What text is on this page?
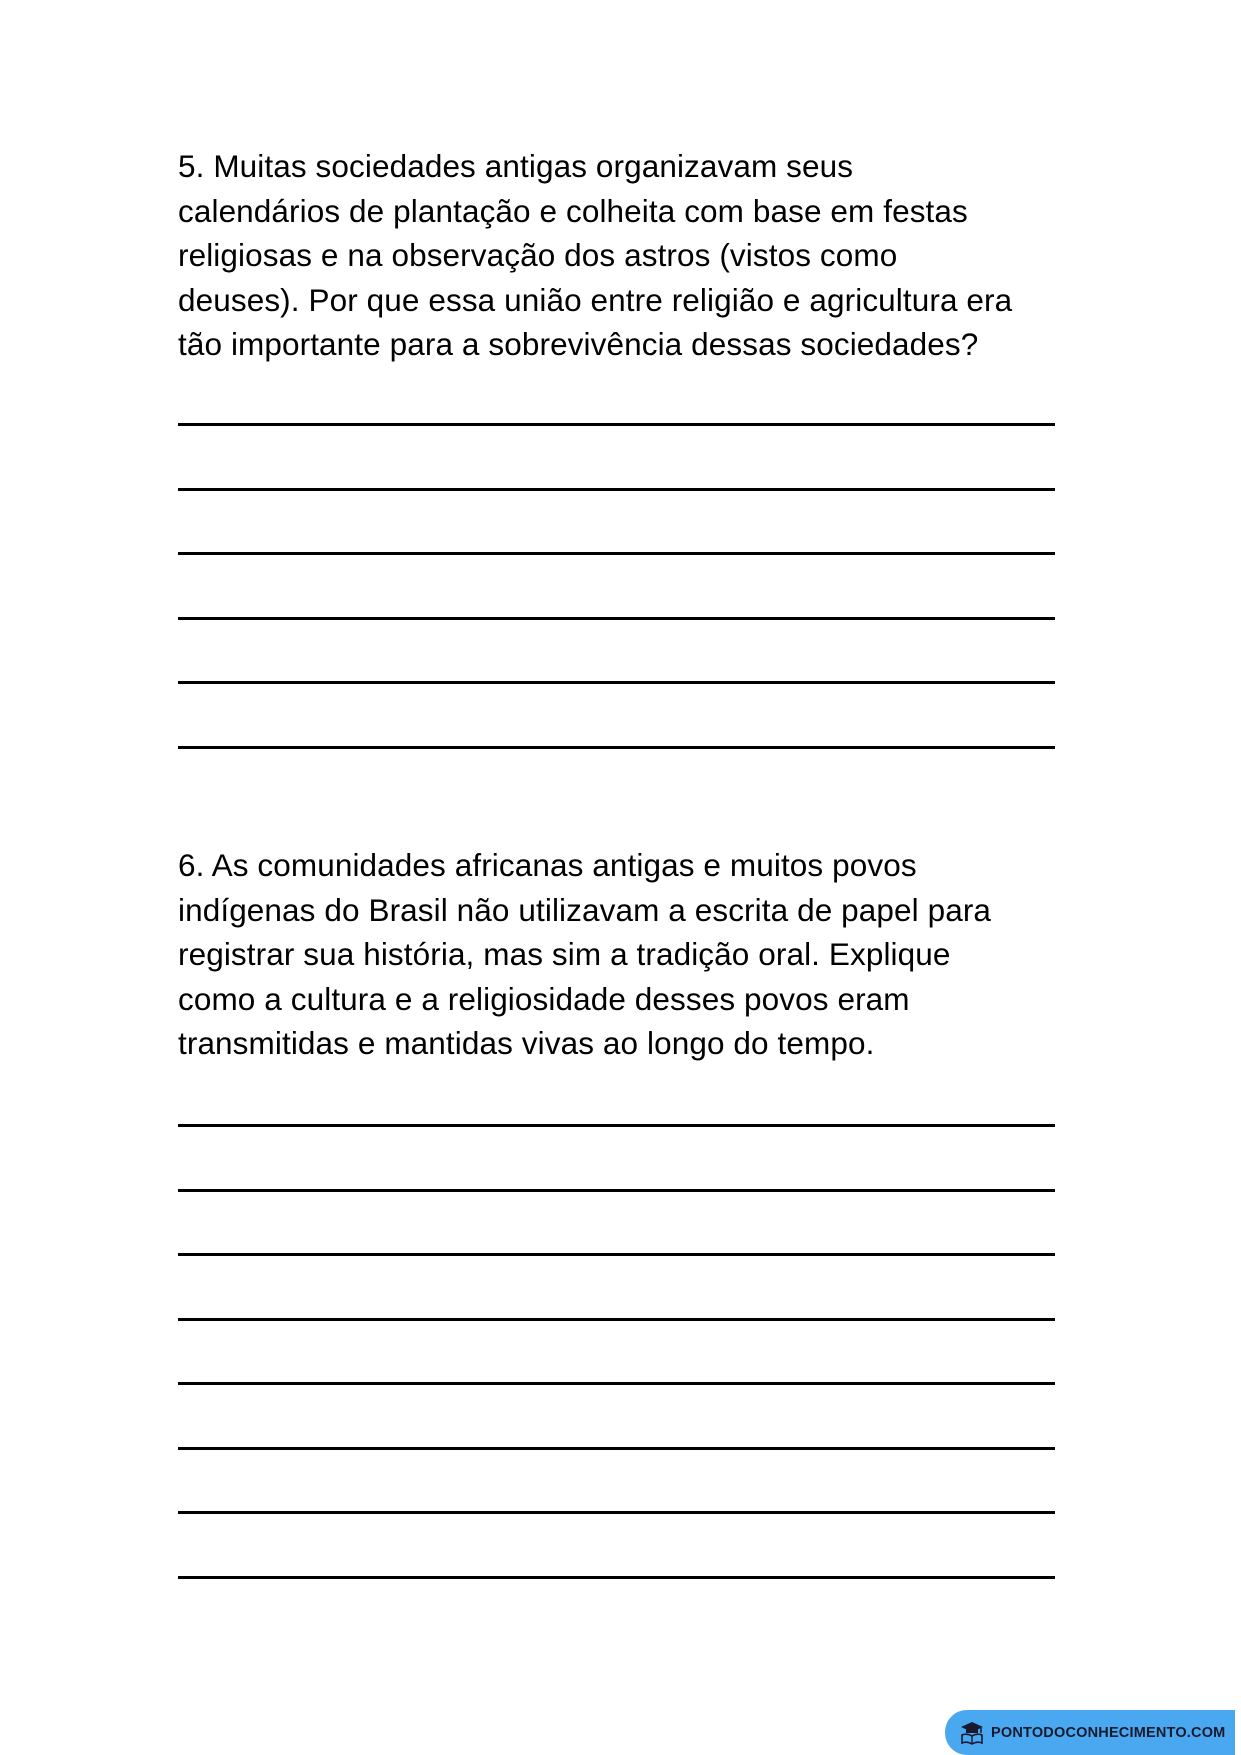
5. Muitas sociedades antigas organizavam seus
calendários de plantação e colheita com base em festas
religiosas e na observação dos astros (vistos como
deuses). Por que essa união entre religião e agricultura era
tão importante para a sobrevivência dessas sociedades?

6. As comunidades africanas antigas e muitos povos
indígenas do Brasil não utilizavam a escrita de papel para
registrar sua história, mas sim a tradição oral. Explique
como a cultura e a religiosidade desses povos eram
transmitidas e mantidas vivas ao longo do tempo.

PONTODOCONHECIMENTO.COM
